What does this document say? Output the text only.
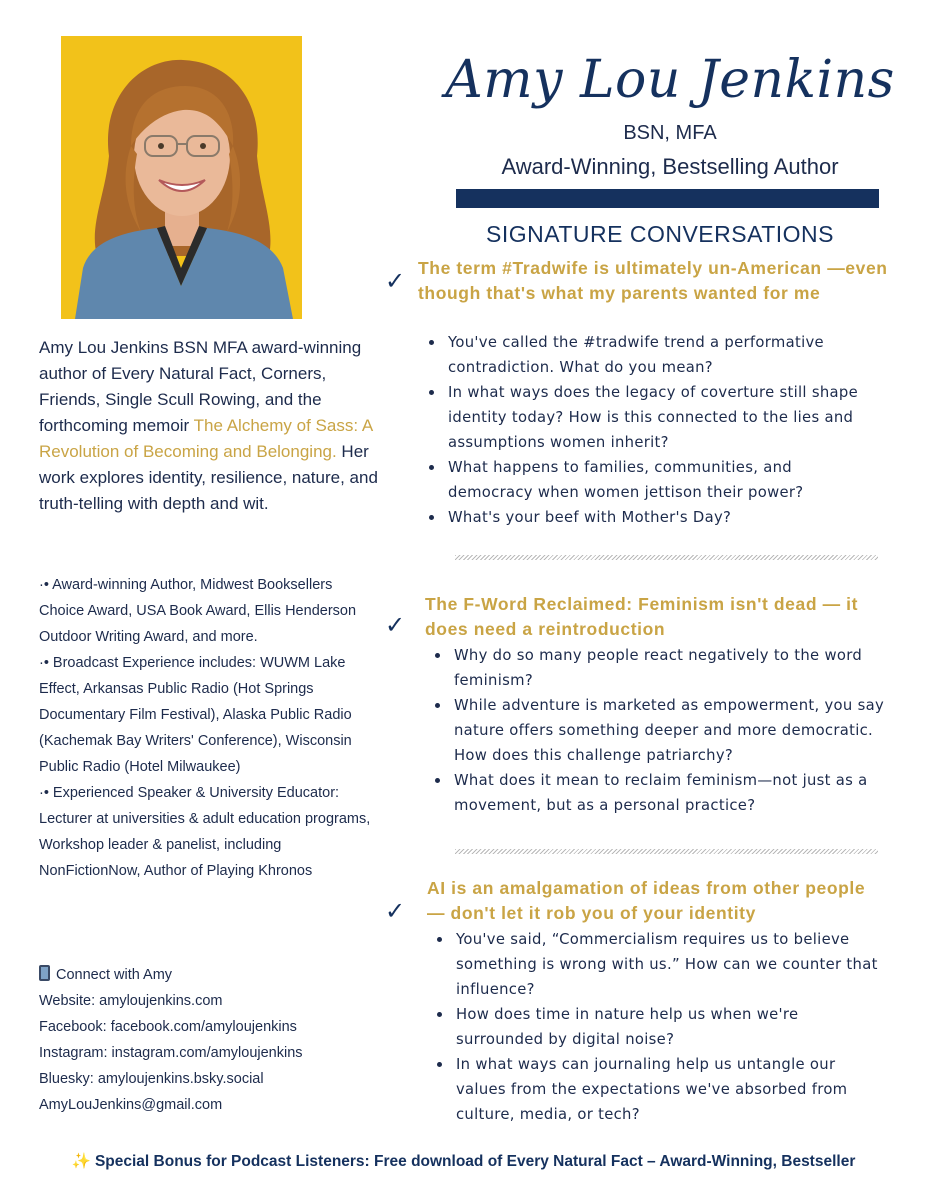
Amy Lou Jenkins BSN MFA award-winning author of Every Natural Fact, Corners, Friends, Single Scull Rowing, and the forthcoming memoir The Alchemy of Sass: A Revolution of Becoming and Belonging. Her work explores identity, resilience, nature, and truth-telling with depth and wit.

·• Award-winning Author, Midwest Booksellers Choice Award, USA Book Award, Ellis Henderson Outdoor Writing Award, and more.

·• Broadcast Experience includes: WUWM Lake Effect, Arkansas Public Radio (Hot Springs Documentary Film Festival), Alaska Public Radio (Kachemak Bay Writers' Conference), Wisconsin Public Radio (Hotel Milwaukee)

·• Experienced Speaker & University Educator: Lecturer at universities & adult education programs, Workshop leader & panelist, including NonFictionNow, Author of Playing Khronos

Connect with Amy
Website: amyloujenkins.com
Facebook: facebook.com/amyloujenkins
Instagram: instagram.com/amyloujenkins
Bluesky: amyloujenkins.bsky.social
AmyLouJenkins@gmail.com
Amy Lou Jenkins
BSN, MFA
Award-Winning, Bestselling Author
SIGNATURE CONVERSATIONS
✓ The term #Tradwife is ultimately un-American —even though that's what my parents wanted for me
You've called the #tradwife trend a performative contradiction. What do you mean?
In what ways does the legacy of coverture still shape identity today? How is this connected to the lies and assumptions women inherit?
What happens to families, communities, and democracy when women jettison their power?
What's your beef with Mother's Day?
✓
The F-Word Reclaimed: Feminism isn't dead — it does need a reintroduction
Why do so many people react negatively to the word feminism?
While adventure is marketed as empowerment, you say nature offers something deeper and more democratic. How does this challenge patriarchy?
What does it mean to reclaim feminism—not just as a movement, but as a personal practice?
✓
AI is an amalgamation of ideas from other people — don't let it rob you of your identity
You've said, “Commercialism requires us to believe something is wrong with us.” How can we counter that influence?
How does time in nature help us when we're surrounded by digital noise?
In what ways can journaling help us untangle our values from the expectations we've absorbed from culture, media, or tech?
✨ Special Bonus for Podcast Listeners: Free download of Every Natural Fact – Award-Winning, Bestseller
